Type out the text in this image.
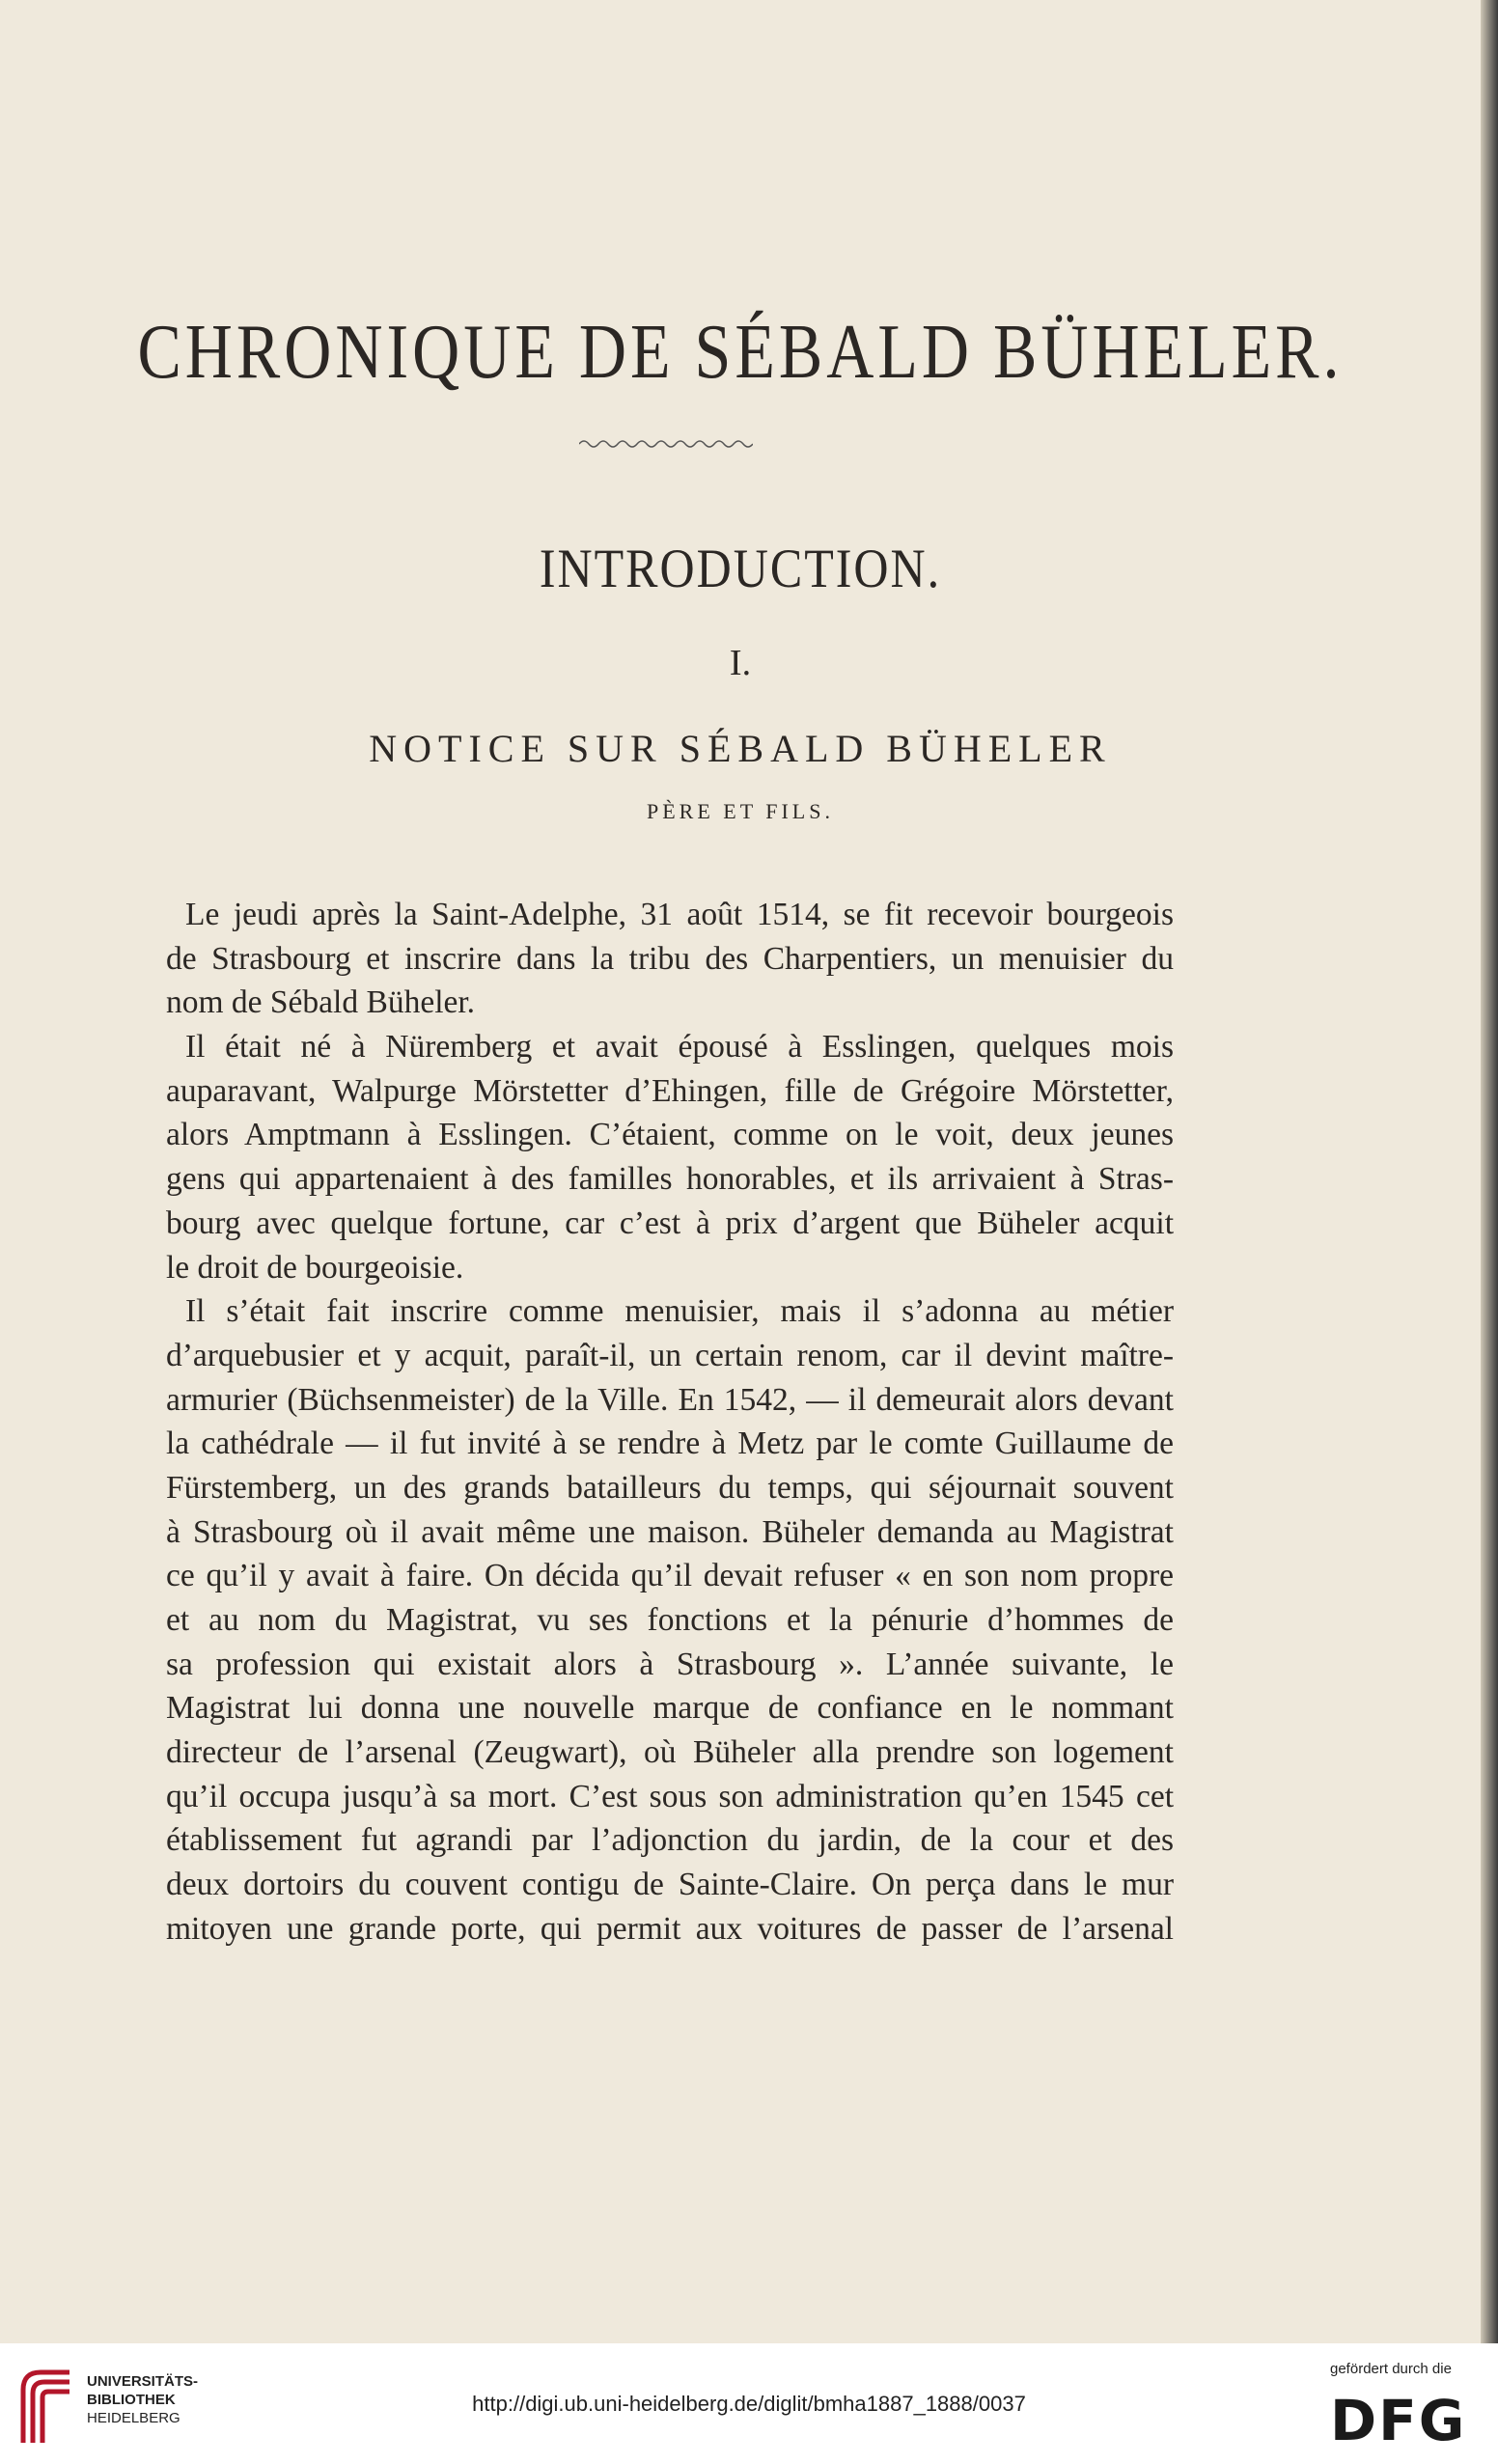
CHRONIQUE DE SÉBALD BÜHELER.
INTRODUCTION.
I.
NOTICE SUR SÉBALD BÜHELER
PÈRE ET FILS.
Le jeudi après la Saint-Adelphe, 31 août 1514, se fit recevoir bourgeois
de Strasbourg et inscrire dans la tribu des Charpentiers, un menuisier du
nom de Sébald Büheler.
Il était né à Nüremberg et avait épousé à Esslingen, quelques mois
auparavant, Walpurge Mörstetter d’Ehingen, fille de Grégoire Mörstetter,
alors Amptmann à Esslingen. C’étaient, comme on le voit, deux jeunes
gens qui appartenaient à des familles honorables, et ils arrivaient à Stras-
bourg avec quelque fortune, car c’est à prix d’argent que Büheler acquit
le droit de bourgeoisie.
Il s’était fait inscrire comme menuisier, mais il s’adonna au métier
d’arquebusier et y acquit, paraît-il, un certain renom, car il devint maître-
armurier (Büchsenmeister) de la Ville. En 1542, — il demeurait alors devant
la cathédrale — il fut invité à se rendre à Metz par le comte Guillaume de
Fürstemberg, un des grands batailleurs du temps, qui séjournait souvent
à Strasbourg où il avait même une maison. Büheler demanda au Magistrat
ce qu’il y avait à faire. On décida qu’il devait refuser « en son nom propre
et au nom du Magistrat, vu ses fonctions et la pénurie d’hommes de
sa profession qui existait alors à Strasbourg ». L’année suivante, le
Magistrat lui donna une nouvelle marque de confiance en le nommant
directeur de l’arsenal (Zeugwart), où Büheler alla prendre son logement
qu’il occupa jusqu’à sa mort. C’est sous son administration qu’en 1545 cet
établissement fut agrandi par l’adjonction du jardin, de la cour et des
deux dortoirs du couvent contigu de Sainte-Claire. On perça dans le mur
mitoyen une grande porte, qui permit aux voitures de passer de l’arsenal
UNIVERSITÄTS-
BIBLIOTHEK
HEIDELBERG
http://digi.ub.uni-heidelberg.de/diglit/bmha1887_1888/0037
gefördert durch die
DFG
